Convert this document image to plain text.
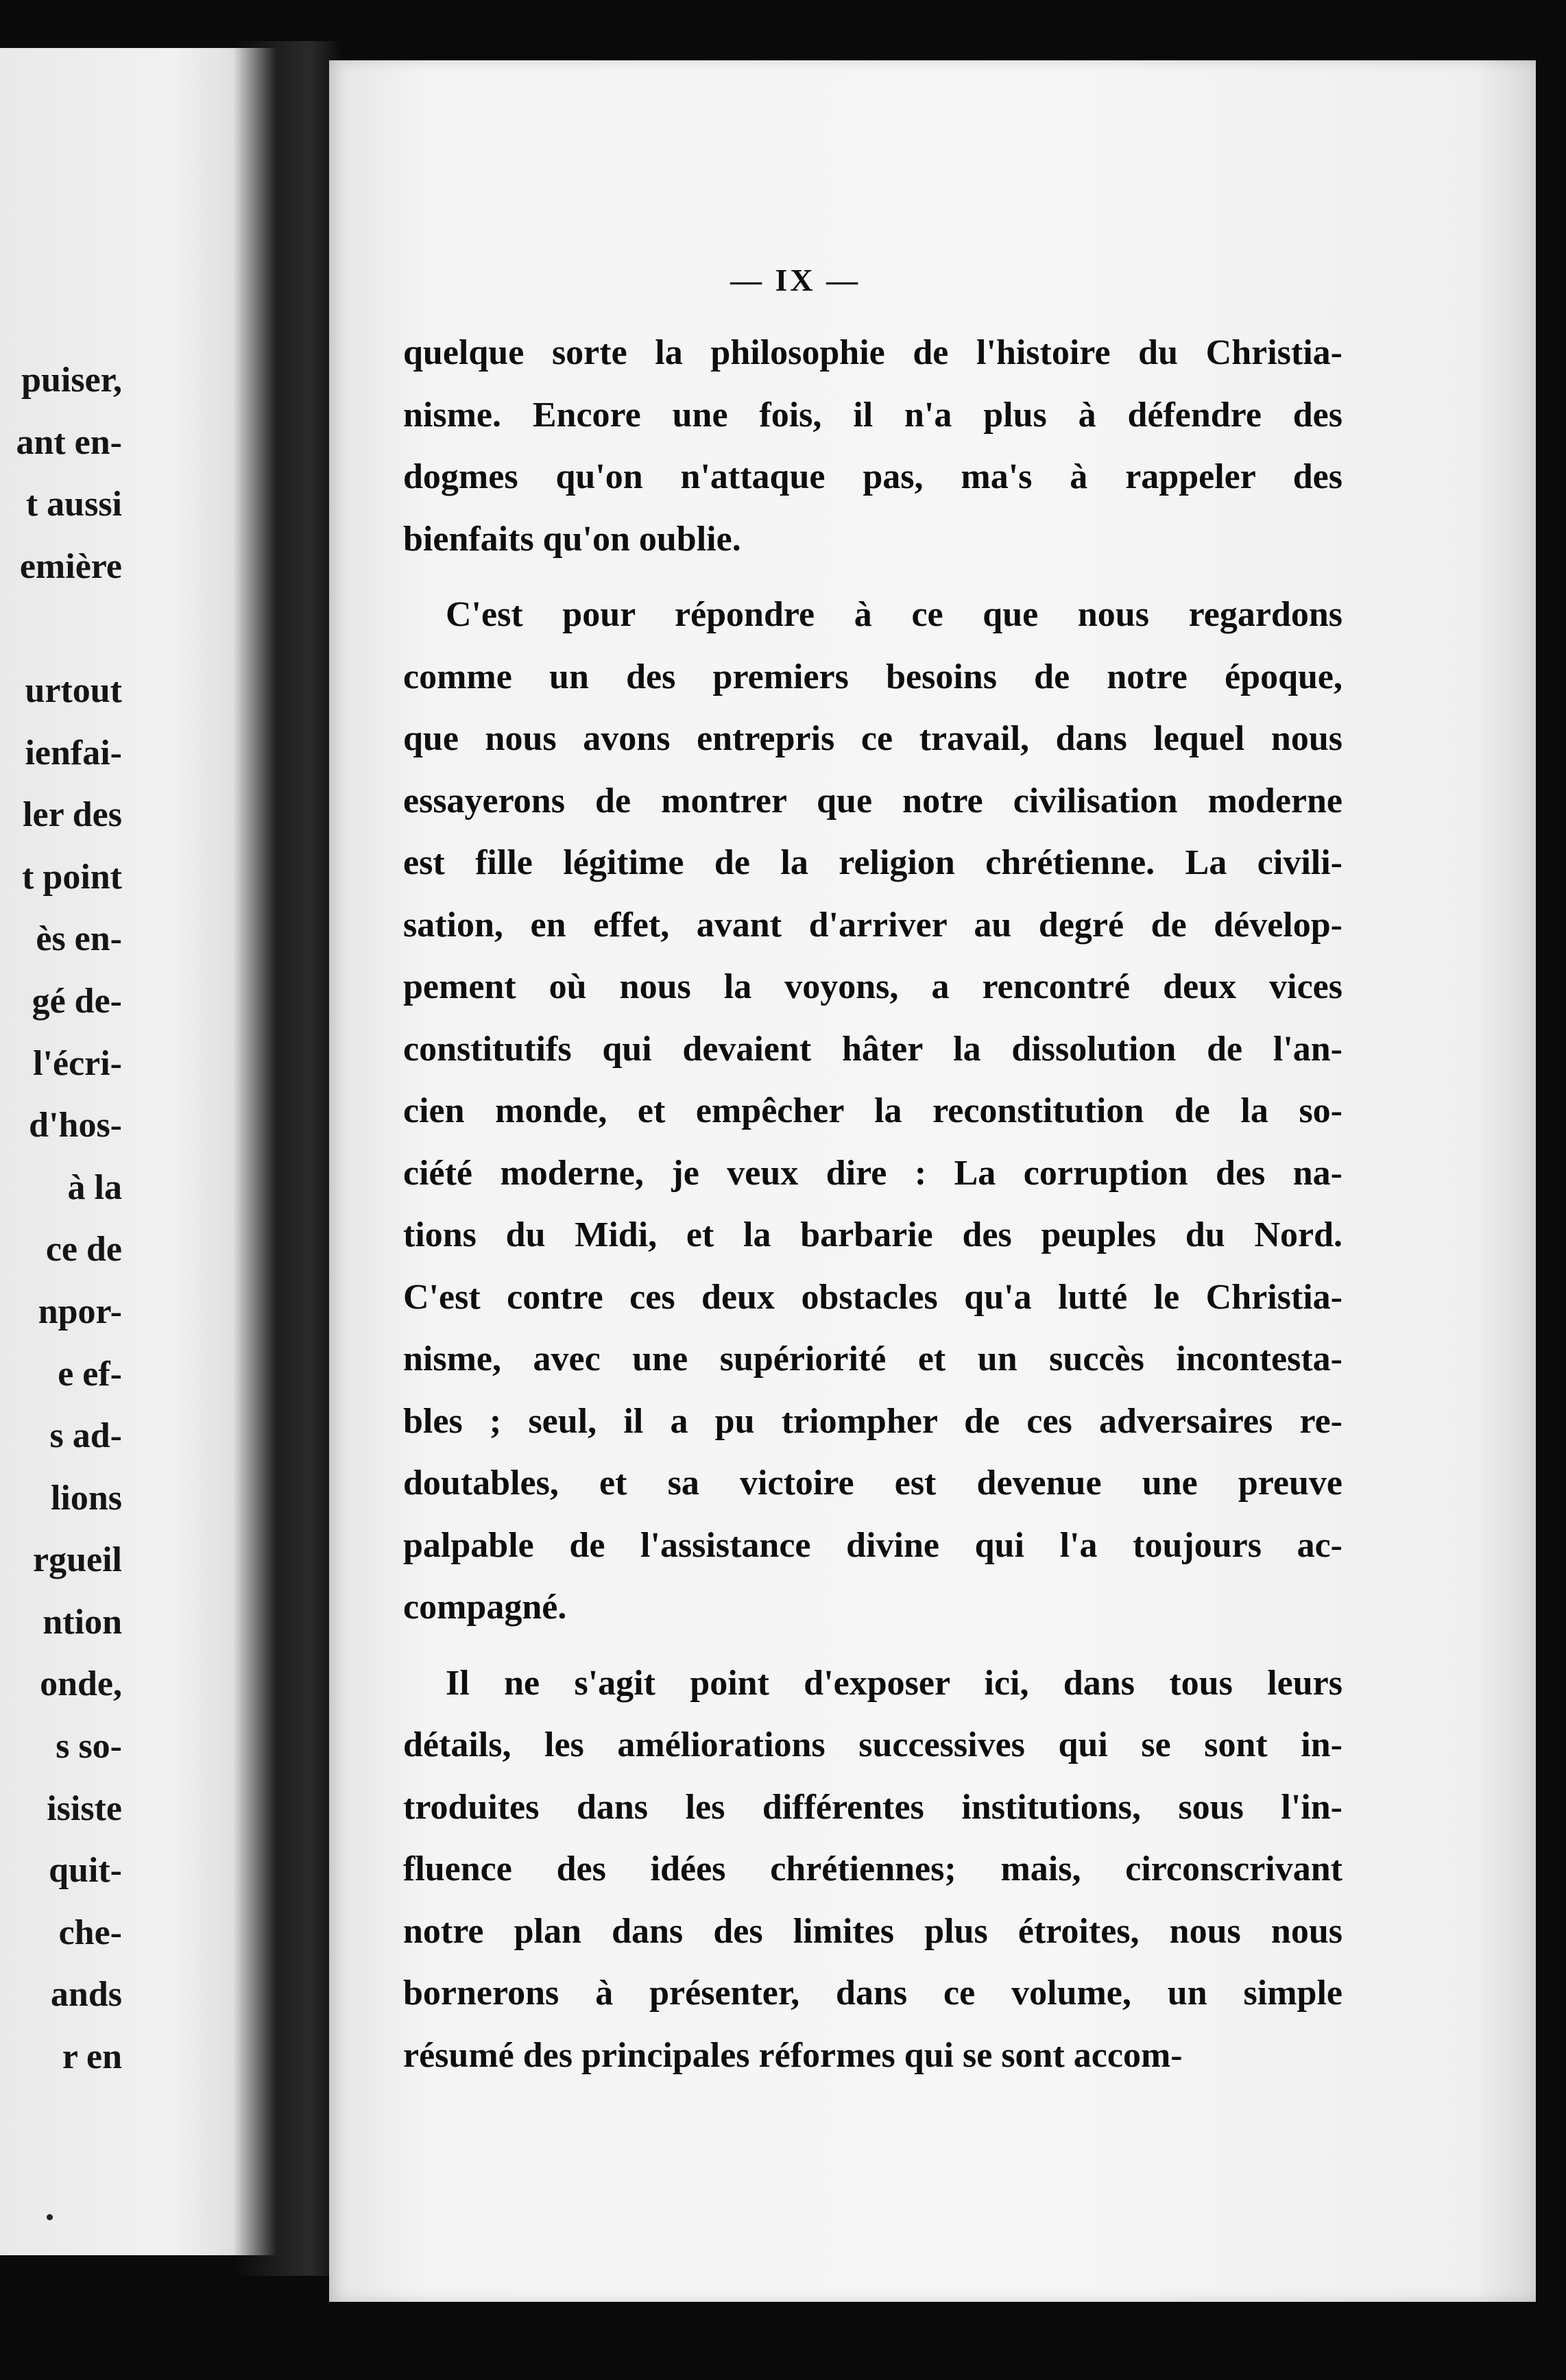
puiser,
ant en-
t aussi
emière
urtout
ienfai-
ler des
t point
ès en-
gé de-
l'écri-
d'hos-
à la
ce de
npor-
e ef-
s ad-
lions
rgueil
ntion
onde,
s so-
isiste
quit-
che-
ands
r en
— IX —

quelque sorte la philosophie de l'histoire du Christia-
nisme. Encore une fois, il n'a plus à défendre des
dogmes qu'on n'attaque pas, ma's à rappeler des
bienfaits qu'on oublie.

C'est pour répondre à ce que nous regardons
comme un des premiers besoins de notre époque,
que nous avons entrepris ce travail, dans lequel nous
essayerons de montrer que notre civilisation moderne
est fille légitime de la religion chrétienne. La civili-
sation, en effet, avant d'arriver au degré de dévelop-
pement où nous la voyons, a rencontré deux vices
constitutifs qui devaient hâter la dissolution de l'an-
cien monde, et empêcher la reconstitution de la so-
ciété moderne, je veux dire : La corruption des na-
tions du Midi, et la barbarie des peuples du Nord.
C'est contre ces deux obstacles qu'a lutté le Christia-
nisme, avec une supériorité et un succès incontesta-
bles ; seul, il a pu triompher de ces adversaires re-
doutables, et sa victoire est devenue une preuve
palpable de l'assistance divine qui l'a toujours ac-
compagné.

Il ne s'agit point d'exposer ici, dans tous leurs
détails, les améliorations successives qui se sont in-
troduites dans les différentes institutions, sous l'in-
fluence des idées chrétiennes; mais, circonscrivant
notre plan dans des limites plus étroites, nous nous
bornerons à présenter, dans ce volume, un simple
résumé des principales réformes qui se sont accom-
